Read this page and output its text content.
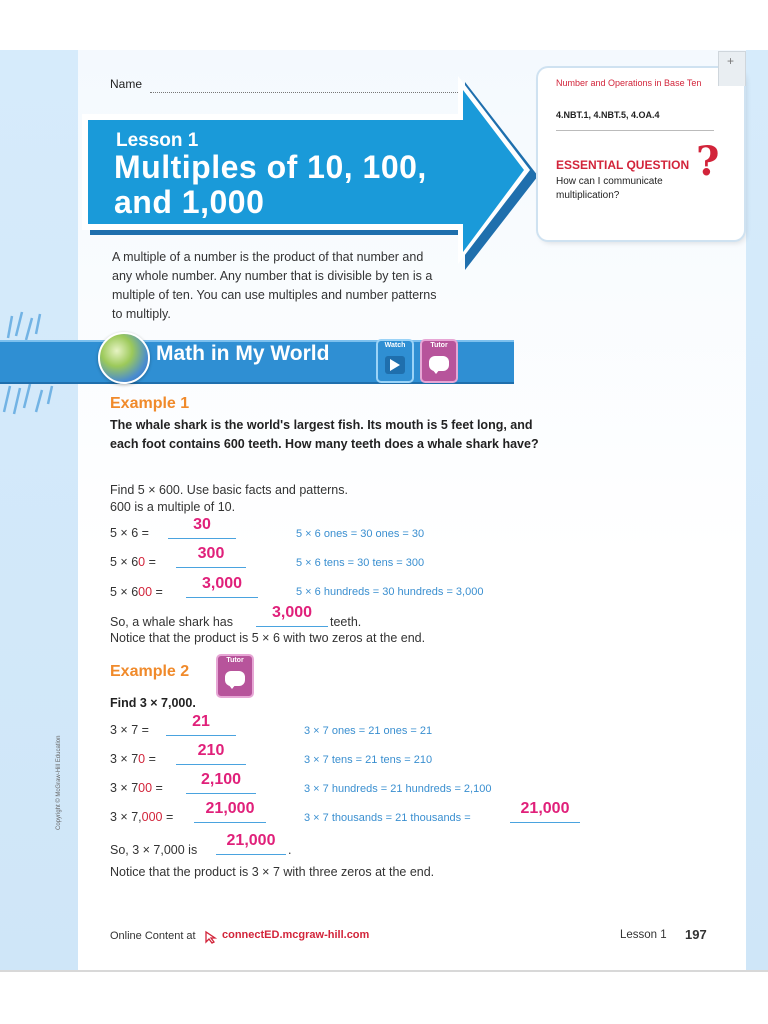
Name
Lesson 1
Multiples of 10, 100, and 1,000
+
Number and Operations in Base Ten
4.NBT.1, 4.NBT.5, 4.OA.4
ESSENTIAL QUESTION
How can I communicate multiplication?
?
A multiple of a number is the product of that number and any whole number. Any number that is divisible by ten is a multiple of ten. You can use multiples and number patterns to multiply.
Math in My World	Watch	Tutor
Example 1
The whale shark is the world's largest fish. Its mouth is 5 feet long, and each foot contains 600 teeth. How many teeth does a whale shark have?
Find 5 × 600. Use basic facts and patterns.
600 is a multiple of 10.
5 × 6 =	30
5 × 6 ones = 30 ones = 30
5 × 60 =	300
5 × 6 tens = 30 tens = 300
5 × 600 =	3,000	5 × 6 hundreds = 30 hundreds = 3,000
So, a whale shark has
3,000
teeth.
Notice that the product is 5 × 6 with two zeros at the end.
Example 2
Tutor
Find 3 × 7,000.
3 × 7 =	21
3 × 7 ones = 21 ones = 21
3 × 70 =	210
3 × 7 tens = 21 tens = 210
3 × 700 =	2,100
3 × 7 hundreds = 21 hundreds = 2,100
3 × 7,000 =	21,000
3 × 7 thousands = 21 thousands =
21,000
So, 3 × 7,000 is
21,000
.
Notice that the product is 3 × 7 with three zeros at the end.
Copyright © McGraw-Hill Education
Online Content at connectED.mcgraw-hill.com	Lesson 1 197
